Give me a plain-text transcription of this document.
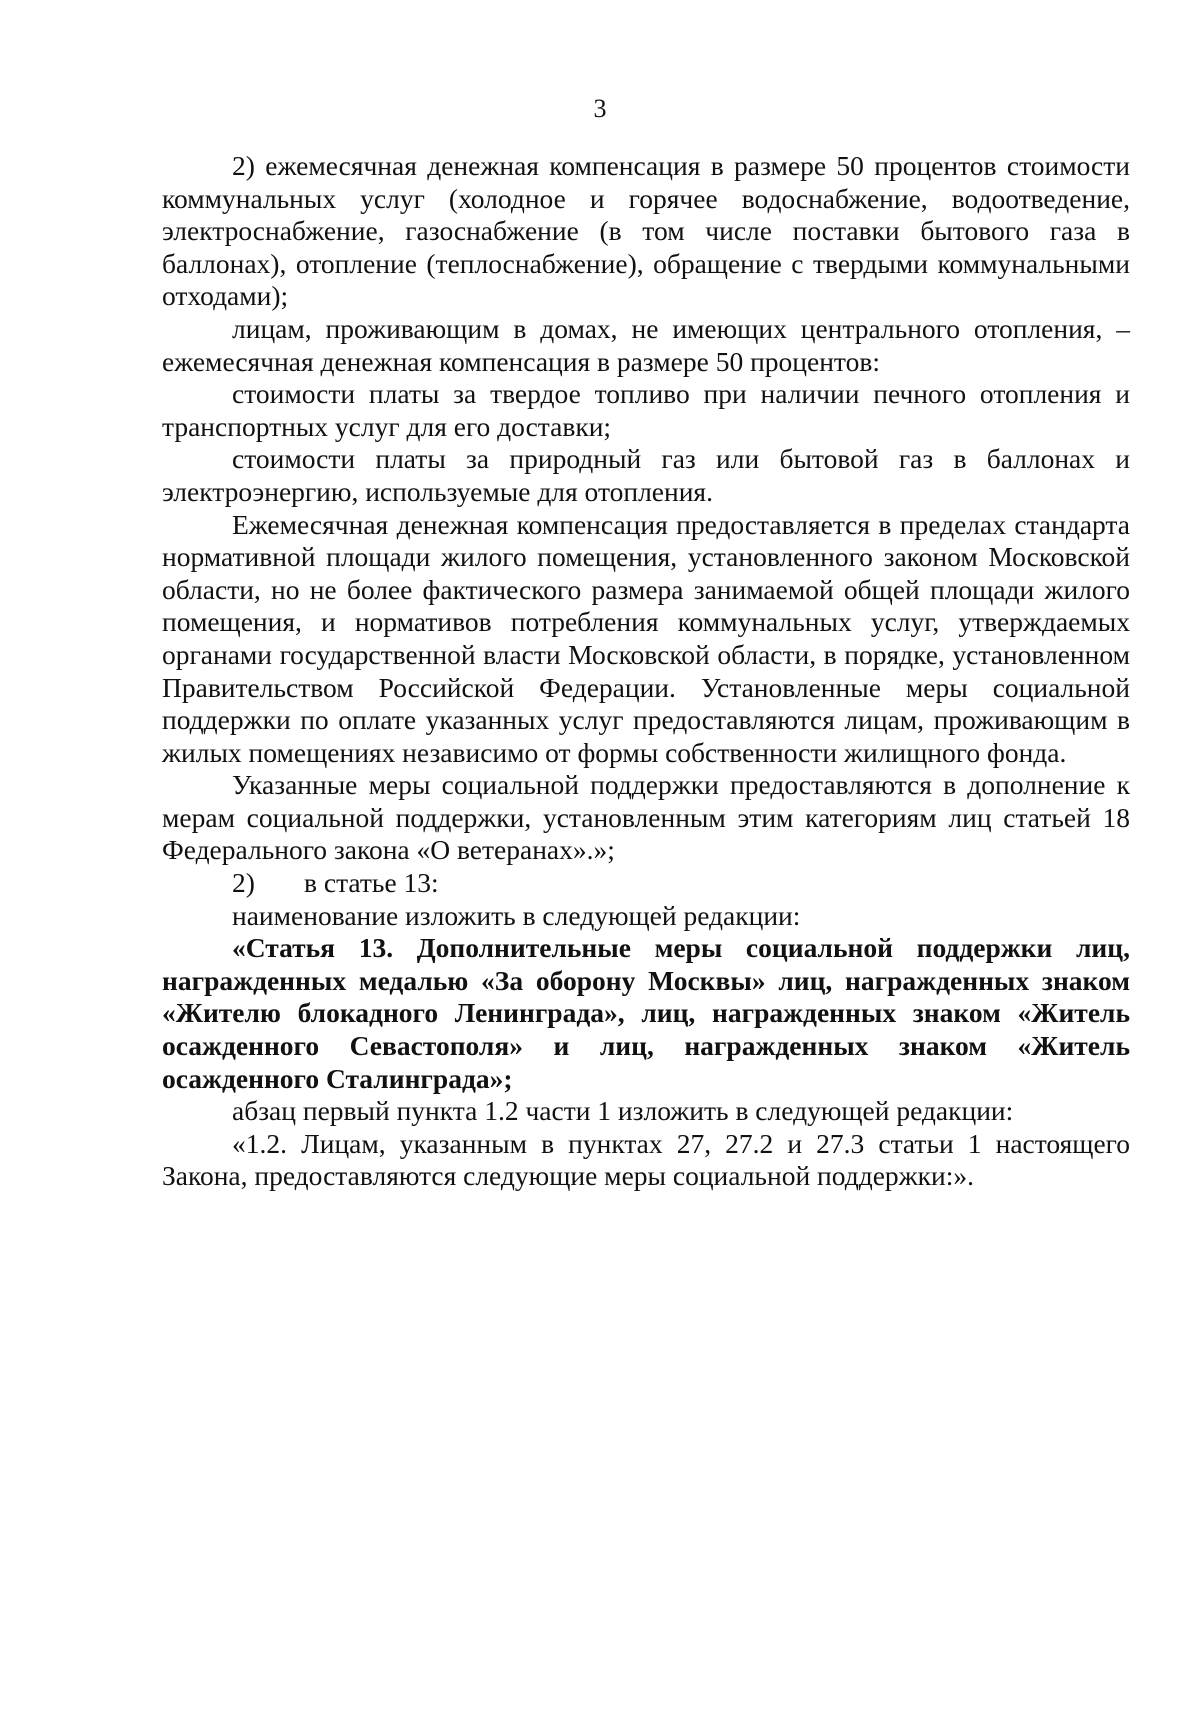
3

2) ежемесячная денежная компенсация в размере 50 процентов стоимости коммунальных услуг (холодное и горячее водоснабжение, водоотведение, электроснабжение, газоснабжение (в том числе поставки бытового газа в баллонах), отопление (теплоснабжение), обращение с твердыми коммунальными отходами);

лицам, проживающим в домах, не имеющих центрального отопления, – ежемесячная денежная компенсация в размере 50 процентов:

стоимости платы за твердое топливо при наличии печного отопления и транспортных услуг для его доставки;

стоимости платы за природный газ или бытовой газ в баллонах и электроэнергию, используемые для отопления.

Ежемесячная денежная компенсация предоставляется в пределах стандарта нормативной площади жилого помещения, установленного законом Московской области, но не более фактического размера занимаемой общей площади жилого помещения, и нормативов потребления коммунальных услуг, утверждаемых органами государственной власти Московской области, в порядке, установленном Правительством Российской Федерации. Установленные меры социальной поддержки по оплате указанных услуг предоставляются лицам, проживающим в жилых помещениях независимо от формы собственности жилищного фонда.

Указанные меры социальной поддержки предоставляются в дополнение к мерам социальной поддержки, установленным этим категориям лиц статьей 18 Федерального закона «О ветеранах».»;

2) в статье 13:

наименование изложить в следующей редакции:

«Статья 13. Дополнительные меры социальной поддержки лиц, награжденных медалью «За оборону Москвы» лиц, награжденных знаком «Жителю блокадного Ленинграда», лиц, награжденных знаком «Житель осажденного Севастополя» и лиц, награжденных знаком «Житель осажденного Сталинграда»;

абзац первый пункта 1.2 части 1 изложить в следующей редакции:

«1.2. Лицам, указанным в пунктах 27, 27.2 и 27.3 статьи 1 настоящего Закона, предоставляются следующие меры социальной поддержки:».
